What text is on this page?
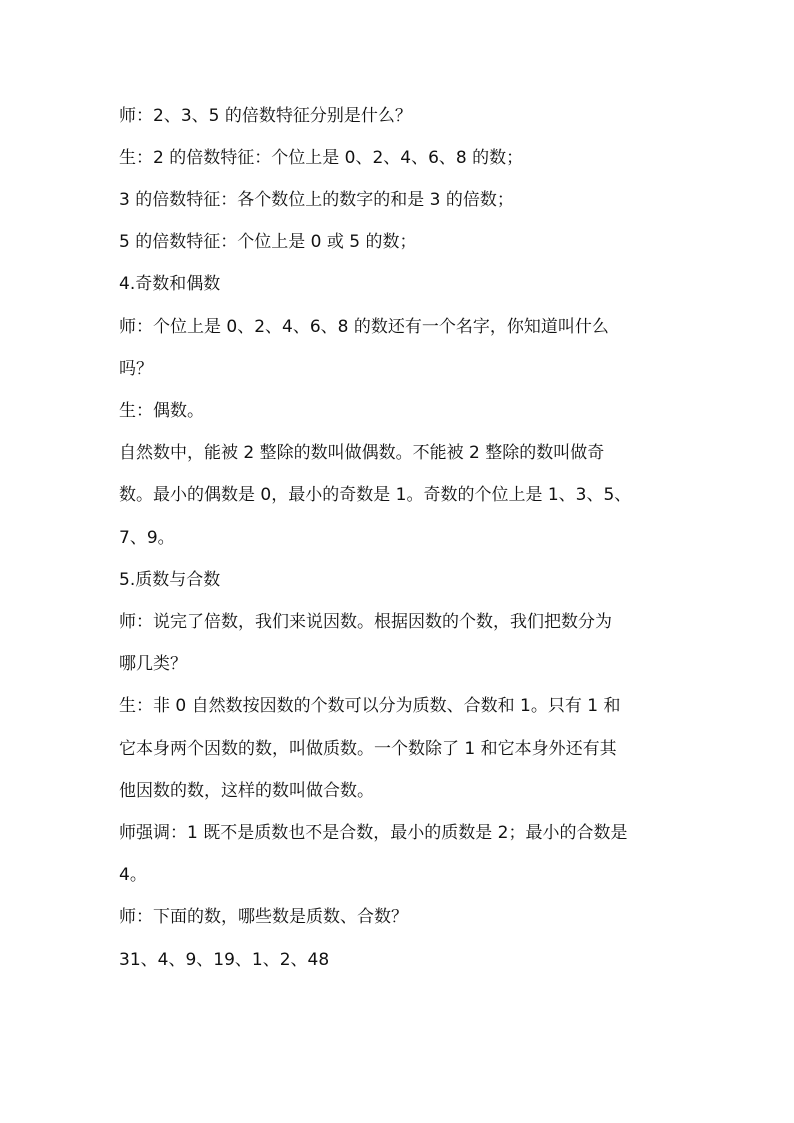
师：2、3、5 的倍数特征分别是什么？

生：2 的倍数特征：个位上是 0、2、4、6、8 的数；

3 的倍数特征：各个数位上的数字的和是 3 的倍数；

5 的倍数特征：个位上是 0 或 5 的数；

4.奇数和偶数

师：个位上是 0、2、4、6、8 的数还有一个名字，你知道叫什么

吗？

生：偶数。

自然数中，能被 2 整除的数叫做偶数。不能被 2 整除的数叫做奇

数。最小的偶数是 0，最小的奇数是 1。奇数的个位上是 1、3、5、

7、9。

5.质数与合数

师：说完了倍数，我们来说因数。根据因数的个数，我们把数分为

哪几类？

生：非 0 自然数按因数的个数可以分为质数、合数和 1。只有 1 和

它本身两个因数的数，叫做质数。一个数除了 1 和它本身外还有其

他因数的数，这样的数叫做合数。

师强调：1 既不是质数也不是合数，最小的质数是 2；最小的合数是

4。

师：下面的数，哪些数是质数、合数？

31、4、9、19、1、2、48
